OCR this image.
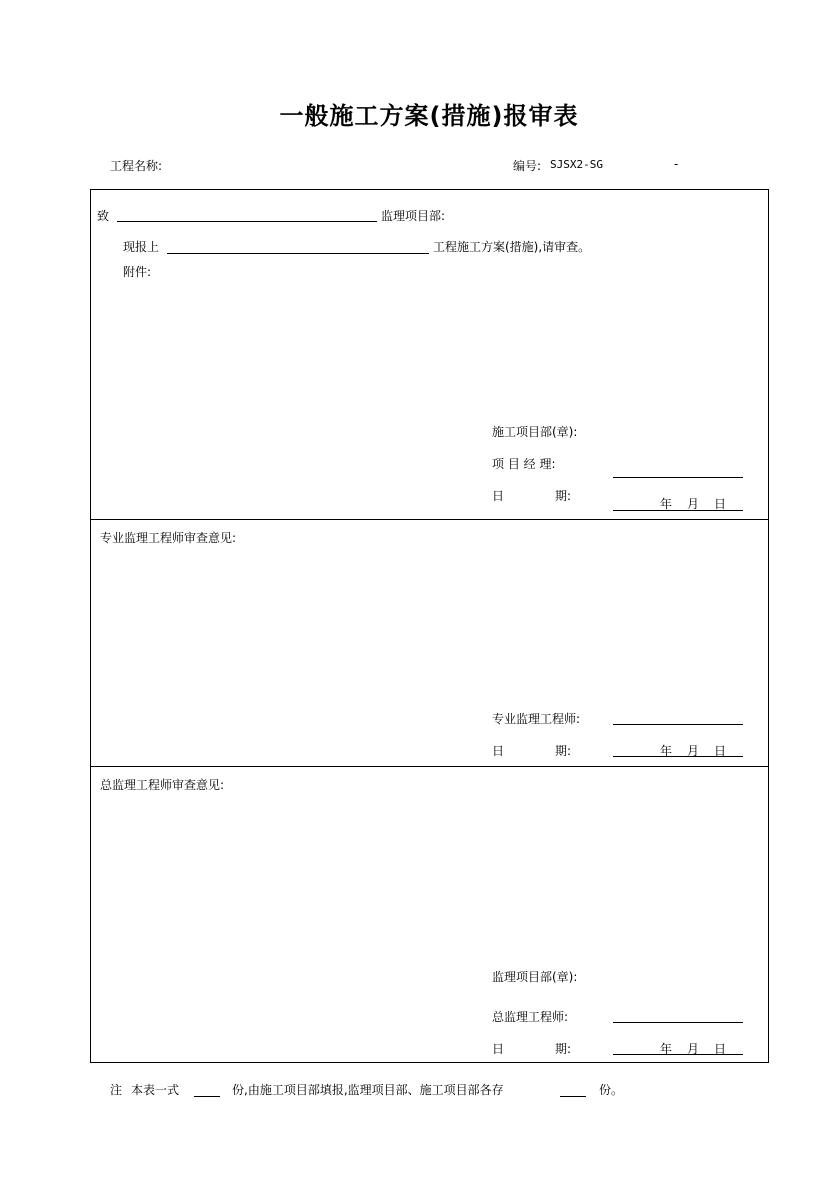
一般施工方案(措施)报审表
工程名称:	编号: SJSX2-SG	-
致	监理项目部:
现报上	工程施工方案(措施),请审查。
附件:
施工项目部(章):
项 目 经 理:
日	期:
年 月 日
专业监理工程师审查意见:
专业监理工程师:
日	期:	年 月 日
总监理工程师审查意见:
监理项目部(章):
总监理工程师:
日	期:	年 月 日
注 本表一式	份,由施工项目部填报,监理项目部、施工项目部各存	份。
